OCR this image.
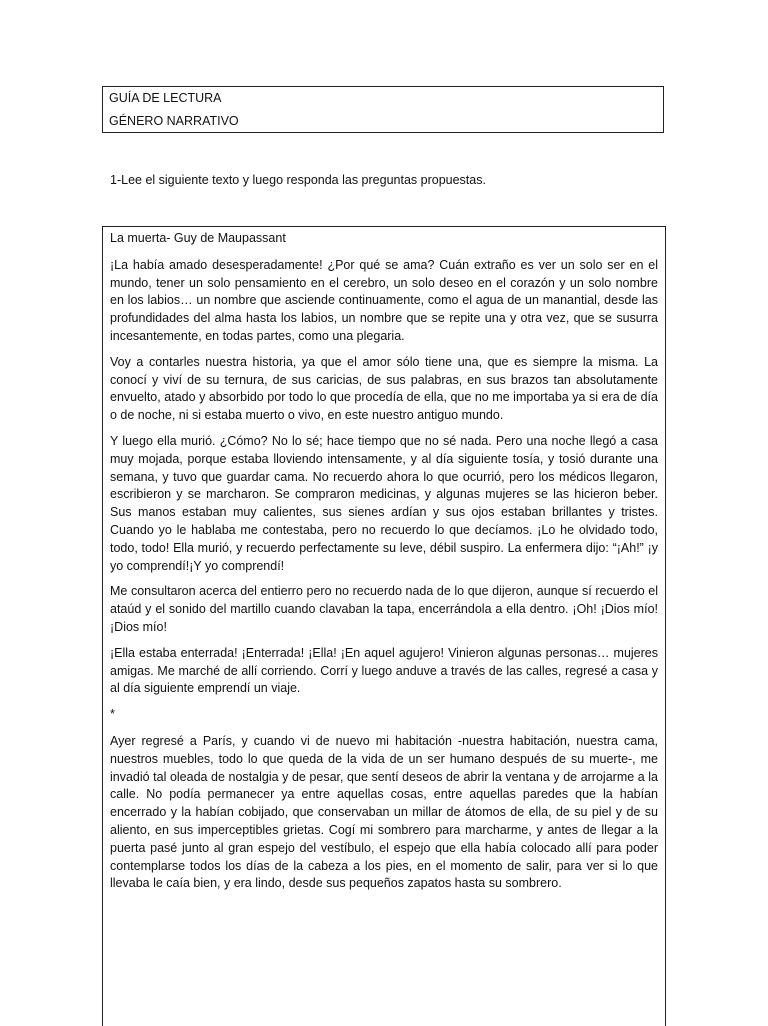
GUÍA DE LECTURA
GÉNERO NARRATIVO
1-Lee el siguiente texto y luego responda las preguntas propuestas.
La muerta- Guy de Maupassant

¡La había amado desesperadamente! ¿Por qué se ama? Cuán extraño es ver un solo ser en el mundo, tener un solo pensamiento en el cerebro, un solo deseo en el corazón y un solo nombre en los labios… un nombre que asciende continuamente, como el agua de un manantial, desde las profundidades del alma hasta los labios, un nombre que se repite una y otra vez, que se susurra incesantemente, en todas partes, como una plegaria.

Voy a contarles nuestra historia, ya que el amor sólo tiene una, que es siempre la misma. La conocí y viví de su ternura, de sus caricias, de sus palabras, en sus brazos tan absolutamente envuelto, atado y absorbido por todo lo que procedía de ella, que no me importaba ya si era de día o de noche, ni si estaba muerto o vivo, en este nuestro antiguo mundo.

Y luego ella murió. ¿Cómo? No lo sé; hace tiempo que no sé nada. Pero una noche llegó a casa muy mojada, porque estaba lloviendo intensamente, y al día siguiente tosía, y tosió durante una semana, y tuvo que guardar cama. No recuerdo ahora lo que ocurrió, pero los médicos llegaron, escribieron y se marcharon. Se compraron medicinas, y algunas mujeres se las hicieron beber. Sus manos estaban muy calientes, sus sienes ardían y sus ojos estaban brillantes y tristes. Cuando yo le hablaba me contestaba, pero no recuerdo lo que decíamos. ¡Lo he olvidado todo, todo, todo! Ella murió, y recuerdo perfectamente su leve, débil suspiro. La enfermera dijo: “¡Ah!” ¡y yo comprendí!¡Y yo comprendí!

Me consultaron acerca del entierro pero no recuerdo nada de lo que dijeron, aunque sí recuerdo el ataúd y el sonido del martillo cuando clavaban la tapa, encerrándola a ella dentro. ¡Oh! ¡Dios mío!¡Dios mío!

¡Ella estaba enterrada! ¡Enterrada! ¡Ella! ¡En aquel agujero! Vinieron algunas personas… mujeres amigas. Me marché de allí corriendo. Corrí y luego anduve a través de las calles, regresé a casa y al día siguiente emprendí un viaje.

*

Ayer regresé a París, y cuando vi de nuevo mi habitación -nuestra habitación, nuestra cama, nuestros muebles, todo lo que queda de la vida de un ser humano después de su muerte-, me invadió tal oleada de nostalgia y de pesar, que sentí deseos de abrir la ventana y de arrojarme a la calle. No podía permanecer ya entre aquellas cosas, entre aquellas paredes que la habían encerrado y la habían cobijado, que conservaban un millar de átomos de ella, de su piel y de su aliento, en sus imperceptibles grietas. Cogí mi sombrero para marcharme, y antes de llegar a la puerta pasé junto al gran espejo del vestíbulo, el espejo que ella había colocado allí para poder contemplarse todos los días de la cabeza a los pies, en el momento de salir, para ver si lo que llevaba le caía bien, y era lindo, desde sus pequeños zapatos hasta su sombrero.
